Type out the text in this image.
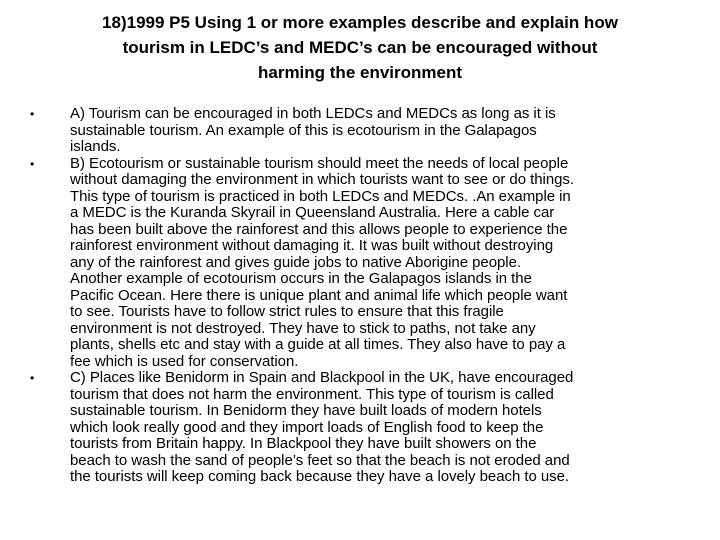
18)1999 P5 Using 1 or more examples describe and explain how
tourism in LEDC’s and MEDC’s can be encouraged without
harming the environment
•	A) Tourism can be encouraged in both LEDCs and MEDCs as long as it is
sustainable tourism. An example of this is ecotourism in the Galapagos
islands.
•	B) Ecotourism or sustainable tourism should meet the needs of local people
without damaging the environment in which tourists want to see or do things.
This type of tourism is practiced in both LEDCs and MEDCs. .An example in
a MEDC is the Kuranda Skyrail in Queensland Australia. Here a cable car
has been built above the rainforest and this allows people to experience the
rainforest environment without damaging it. It was built without destroying
any of the rainforest and gives guide jobs to native Aborigine people.
Another example of ecotourism occurs in the Galapagos islands in the
Pacific Ocean. Here there is unique plant and animal life which people want
to see. Tourists have to follow strict rules to ensure that this fragile
environment is not destroyed. They have to stick to paths, not take any
plants, shells etc and stay with a guide at all times. They also have to pay a
fee which is used for conservation.
•	C) Places like Benidorm in Spain and Blackpool in the UK, have encouraged
tourism that does not harm the environment. This type of tourism is called
sustainable tourism. In Benidorm they have built loads of modern hotels
which look really good and they import loads of English food to keep the
tourists from Britain happy. In Blackpool they have built showers on the
beach to wash the sand of people’s feet so that the beach is not eroded and
the tourists will keep coming back because they have a lovely beach to use.
